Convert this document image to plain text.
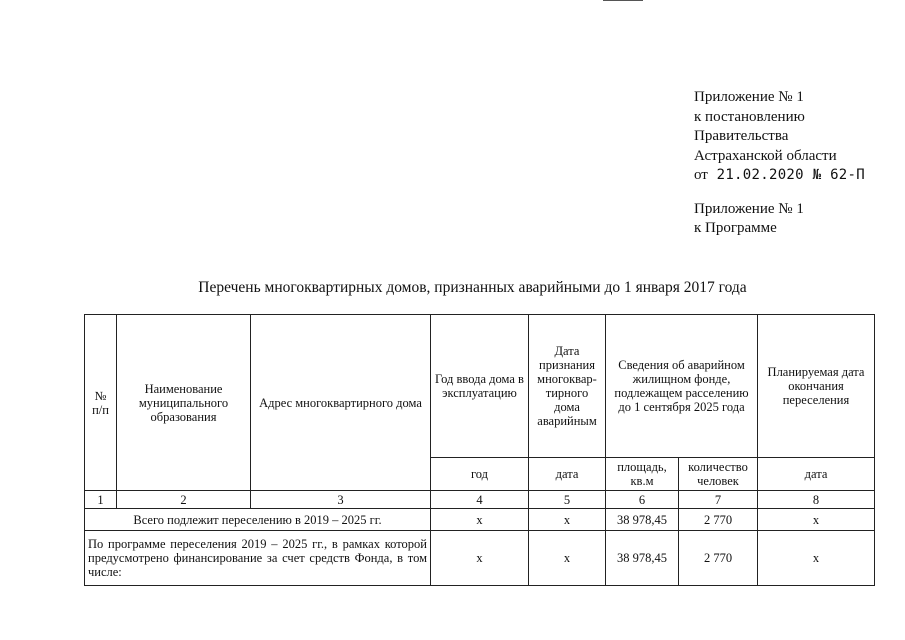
Приложение № 1
к постановлению
Правительства
Астраханской области
от 21.02.2020 № 62-П
Приложение № 1
к Программе
Перечень многоквартирных домов, признанных аварийными до 1 января 2017 года
№ п/п	Наименование муниципального образования	Адрес многоквартирного дома	Год ввода дома в эксплуатацию	Дата признания многоквар-тирного дома аварийным	Сведения об аварийном жилищном фонде, подлежащем расселению до 1 сентября 2025 года		Планируемая дата окончания переселения
			год	дата	площадь, кв.м	количество человек	дата
1	2	3	4	5	6	7	8
Всего подлежит переселению в 2019 – 2025 гг.			х	х	38 978,45	2 770	х
По программе переселения 2019 – 2025 гг., в рамках которой предусмотрено финансирование за счет средств Фонда, в том числе:			х	х	38 978,45	2 770	х
